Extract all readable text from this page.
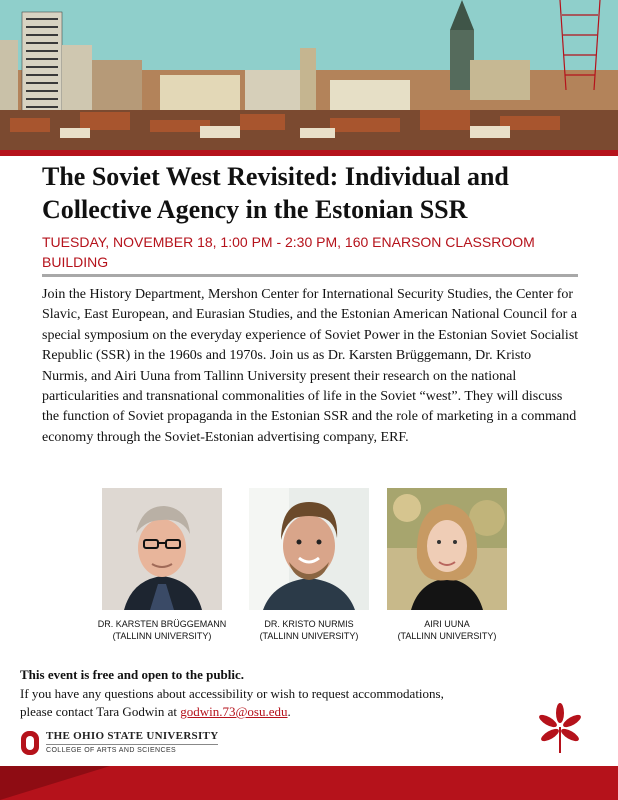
The Soviet West Revisited: Individual and Collective Agency in the Estonian SSR

TUESDAY, NOVEMBER 18, 1:00 PM - 2:30 PM, 160 ENARSON CLASSROOM BUILDING

Join the History Department, Mershon Center for International Security Studies, the Center for Slavic, East European, and Eurasian Studies, and the Estonian American National Council for a special symposium on the everyday experience of Soviet Power in the Estonian Soviet Socialist Republic (SSR) in the 1960s and 1970s. Join us as Dr. Karsten Brüggemann, Dr. Kristo Nurmis, and Airi Uuna from Tallinn University present their research on the national particularities and transnational commonalities of life in the Soviet “west”. They will discuss the function of Soviet propaganda in the Estonian SSR and the role of marketing in a command economy through the Soviet-Estonian advertising company, ERF.

DR. KARSTEN BRÜGGEMANN
(TALLINN UNIVERSITY)
DR. KRISTO NURMIS
(TALLINN UNIVERSITY)
AIRI UUNA
(TALLINN UNIVERSITY)

This event is free and open to the public.

If you have any questions about accessibility or wish to request accommodations, please contact Tara Godwin at godwin.73@osu.edu.

THE OHIO STATE UNIVERSITY
COLLEGE OF ARTS AND SCIENCES
